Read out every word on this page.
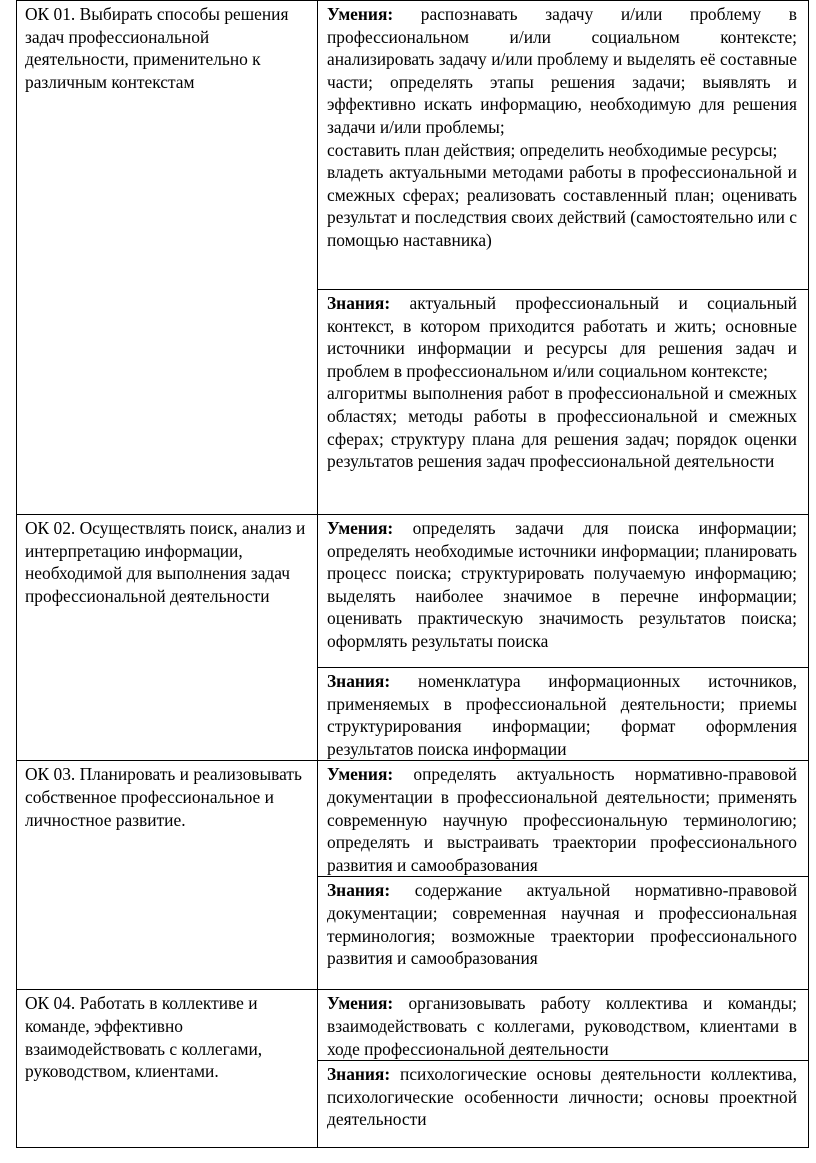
ОК 01. Выбирать способы решения задач профессиональной деятельности, применительно к различным контекстам	Умения: распознавать задачу и/или проблему в профессиональном и/или социальном контексте; анализировать задачу и/или проблему и выделять её составные части; определять этапы решения задачи; выявлять и эффективно искать информацию, необходимую для решения задачи и/или проблемы;

составить план действия; определить необходимые ресурсы;

владеть актуальными методами работы в профессиональной и смежных сферах; реализовать составленный план; оценивать результат и последствия своих действий (самостоятельно или с помощью наставника)

	Знания: актуальный профессиональный и социальный контекст, в котором приходится работать и жить; основные источники информации и ресурсы для решения задач и проблем в профессиональном и/или социальном контексте;

алгоритмы выполнения работ в профессиональной и смежных областях; методы работы в профессиональной и смежных сферах; структуру плана для решения задач; порядок оценки результатов решения задач профессиональной деятельности

ОК 02. Осуществлять поиск, анализ и интерпретацию информации, необходимой для выполнения задач профессиональной деятельности	Умения: определять задачи для поиска информации; определять необходимые источники информации; планировать процесс поиска; структурировать получаемую информацию; выделять наиболее значимое в перечне информации; оценивать практическую значимость результатов поиска; оформлять результаты поиска

	Знания: номенклатура информационных источников, применяемых в профессиональной деятельности; приемы структурирования информации; формат оформления результатов поиска информации

ОК 03. Планировать и реализовывать собственное профессиональное и личностное развитие.	Умения: определять актуальность нормативно-правовой документации в профессиональной деятельности; применять современную научную профессиональную терминологию; определять и выстраивать траектории профессионального развития и самообразования

	Знания: содержание актуальной нормативно-правовой документации; современная научная и профессиональная терминология; возможные траектории профессионального развития и самообразования

ОК 04. Работать в коллективе и команде, эффективно взаимодействовать с коллегами, руководством, клиентами.	Умения: организовывать работу коллектива и команды; взаимодействовать с коллегами, руководством, клиентами в ходе профессиональной деятельности

	Знания: психологические основы деятельности коллектива, психологические особенности личности; основы проектной деятельности
